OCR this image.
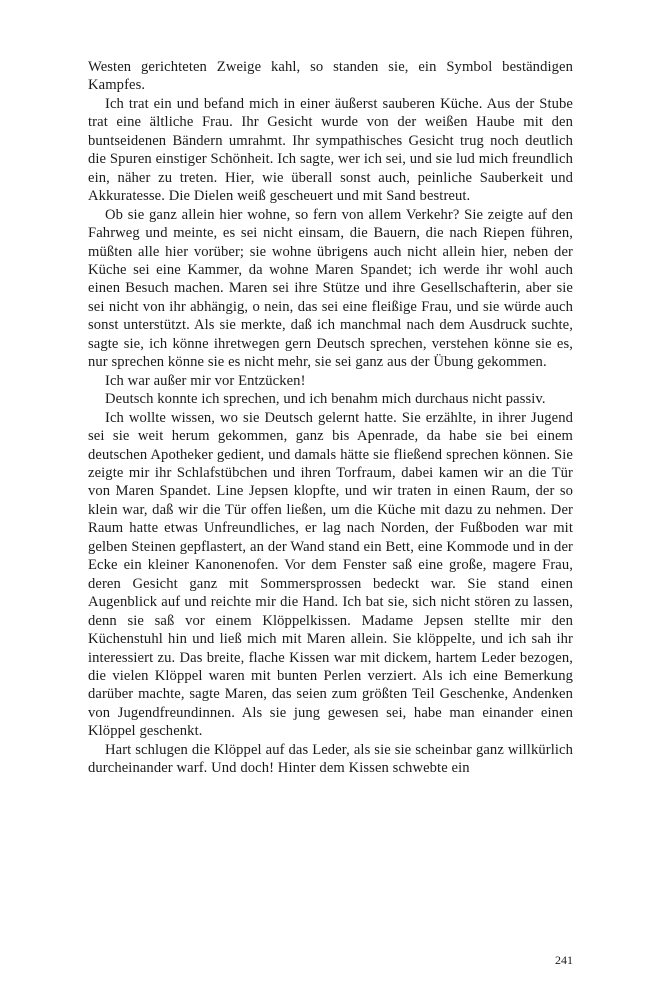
Westen gerichteten Zweige kahl, so standen sie, ein Symbol beständigen Kampfes.

Ich trat ein und befand mich in einer äußerst sauberen Küche. Aus der Stube trat eine ältliche Frau. Ihr Gesicht wurde von der weißen Haube mit den buntseidenen Bändern umrahmt. Ihr sympathisches Gesicht trug noch deutlich die Spuren einstiger Schönheit. Ich sagte, wer ich sei, und sie lud mich freundlich ein, näher zu treten. Hier, wie überall sonst auch, peinliche Sauberkeit und Akkuratesse. Die Dielen weiß gescheuert und mit Sand bestreut.

Ob sie ganz allein hier wohne, so fern von allem Verkehr? Sie zeigte auf den Fahrweg und meinte, es sei nicht einsam, die Bauern, die nach Riepen führen, müßten alle hier vorüber; sie wohne übrigens auch nicht allein hier, neben der Küche sei eine Kammer, da wohne Maren Spandet; ich werde ihr wohl auch einen Besuch machen. Maren sei ihre Stütze und ihre Gesellschafterin, aber sie sei nicht von ihr abhängig, o nein, das sei eine fleißige Frau, und sie würde auch sonst unterstützt. Als sie merkte, daß ich manchmal nach dem Ausdruck suchte, sagte sie, ich könne ihretwegen gern Deutsch sprechen, verstehen könne sie es, nur sprechen könne sie es nicht mehr, sie sei ganz aus der Übung gekommen.

Ich war außer mir vor Entzücken!

Deutsch konnte ich sprechen, und ich benahm mich durchaus nicht passiv.

Ich wollte wissen, wo sie Deutsch gelernt hatte. Sie erzählte, in ihrer Jugend sei sie weit herum gekommen, ganz bis Apenrade, da habe sie bei einem deutschen Apotheker gedient, und damals hätte sie fließend sprechen können. Sie zeigte mir ihr Schlafstübchen und ihren Torfraum, dabei kamen wir an die Tür von Maren Spandet. Line Jepsen klopfte, und wir traten in einen Raum, der so klein war, daß wir die Tür offen ließen, um die Küche mit dazu zu nehmen. Der Raum hatte etwas Unfreundliches, er lag nach Norden, der Fußboden war mit gelben Steinen gepflastert, an der Wand stand ein Bett, eine Kommode und in der Ecke ein kleiner Kanonenofen. Vor dem Fenster saß eine große, magere Frau, deren Gesicht ganz mit Sommersprossen bedeckt war. Sie stand einen Augenblick auf und reichte mir die Hand. Ich bat sie, sich nicht stören zu lassen, denn sie saß vor einem Klöppelkissen. Madame Jepsen stellte mir den Küchenstuhl hin und ließ mich mit Maren allein. Sie klöppelte, und ich sah ihr interessiert zu. Das breite, flache Kissen war mit dickem, hartem Leder bezogen, die vielen Klöppel waren mit bunten Perlen verziert. Als ich eine Bemerkung darüber machte, sagte Maren, das seien zum größten Teil Geschenke, Andenken von Jugendfreundinnen. Als sie jung gewesen sei, habe man einander einen Klöppel geschenkt.

Hart schlugen die Klöppel auf das Leder, als sie sie scheinbar ganz willkürlich durcheinander warf. Und doch! Hinter dem Kissen schwebte ein

241
